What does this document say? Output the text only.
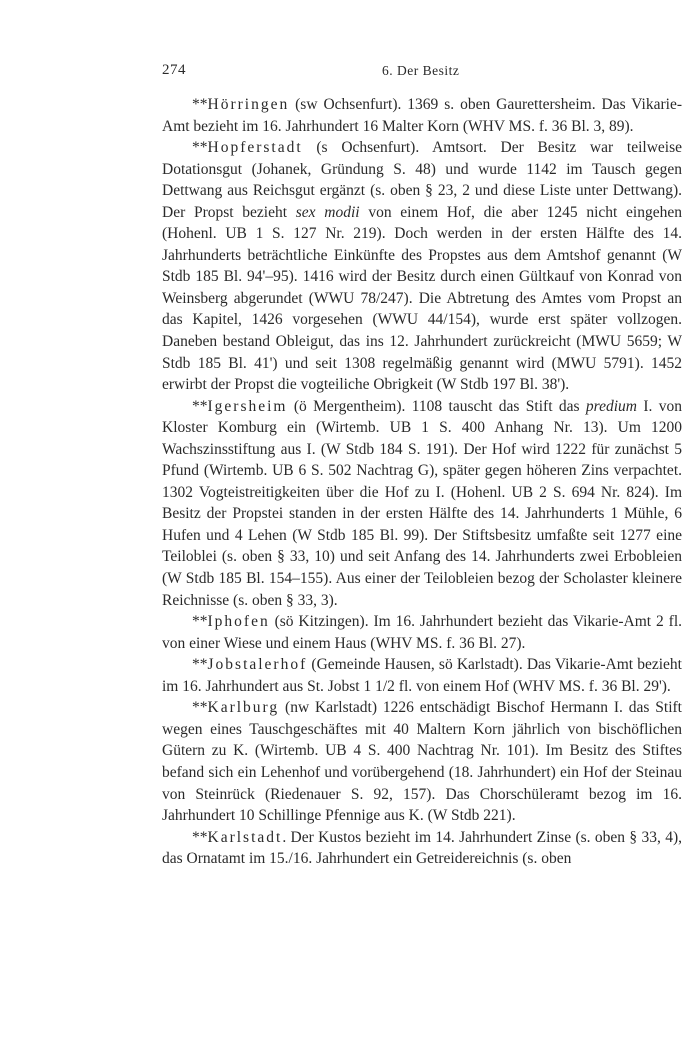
274	6. Der Besitz

**Hörringen (sw Ochsenfurt). 1369 s. oben Gaurettersheim. Das Vikarie-Amt bezieht im 16. Jahrhundert 16 Malter Korn (WHV MS. f. 36 Bl. 3, 89).

**Hopferstadt (s Ochsenfurt). Amtsort. Der Besitz war teilweise Dotationsgut (Johanek, Gründung S. 48) und wurde 1142 im Tausch gegen Dettwang aus Reichsgut ergänzt (s. oben § 23, 2 und diese Liste unter Dettwang). Der Propst bezieht sex modii von einem Hof, die aber 1245 nicht eingehen (Hohenl. UB 1 S. 127 Nr. 219). Doch werden in der ersten Hälfte des 14. Jahrhunderts beträchtliche Einkünfte des Propstes aus dem Amtshof genannt (W Stdb 185 Bl. 94'–95). 1416 wird der Besitz durch einen Gültkauf von Konrad von Weinsberg abgerundet (WWU 78/247). Die Abtretung des Amtes vom Propst an das Kapitel, 1426 vorgesehen (WWU 44/154), wurde erst später vollzogen. Daneben bestand Obleigut, das ins 12. Jahrhundert zurückreicht (MWU 5659; W Stdb 185 Bl. 41') und seit 1308 regelmäßig genannt wird (MWU 5791). 1452 erwirbt der Propst die vogteiliche Obrigkeit (W Stdb 197 Bl. 38').

**Igersheim (ö Mergentheim). 1108 tauscht das Stift das predium I. von Kloster Komburg ein (Wirtemb. UB 1 S. 400 Anhang Nr. 13). Um 1200 Wachszinsstiftung aus I. (W Stdb 184 S. 191). Der Hof wird 1222 für zunächst 5 Pfund (Wirtemb. UB 6 S. 502 Nachtrag G), später gegen höheren Zins verpachtet. 1302 Vogteistreitigkeiten über die Hof zu I. (Hohenl. UB 2 S. 694 Nr. 824). Im Besitz der Propstei standen in der ersten Hälfte des 14. Jahrhunderts 1 Mühle, 6 Hufen und 4 Lehen (W Stdb 185 Bl. 99). Der Stiftsbesitz umfaßte seit 1277 eine Teiloblei (s. oben § 33, 10) und seit Anfang des 14. Jahrhunderts zwei Erbobleien (W Stdb 185 Bl. 154–155). Aus einer der Teilobleien bezog der Scholaster kleinere Reichnisse (s. oben § 33, 3).

**Iphofen (sö Kitzingen). Im 16. Jahrhundert bezieht das Vikarie-Amt 2 fl. von einer Wiese und einem Haus (WHV MS. f. 36 Bl. 27).

**Jobstalerhof (Gemeinde Hausen, sö Karlstadt). Das Vikarie-Amt bezieht im 16. Jahrhundert aus St. Jobst 1 1/2 fl. von einem Hof (WHV MS. f. 36 Bl. 29').

**Karlburg (nw Karlstadt) 1226 entschädigt Bischof Hermann I. das Stift wegen eines Tauschgeschäftes mit 40 Maltern Korn jährlich von bischöflichen Gütern zu K. (Wirtemb. UB 4 S. 400 Nachtrag Nr. 101). Im Besitz des Stiftes befand sich ein Lehenhof und vorübergehend (18. Jahrhundert) ein Hof der Steinau von Steinrück (Riedenauer S. 92, 157). Das Chorschüleramt bezog im 16. Jahrhundert 10 Schillinge Pfennige aus K. (W Stdb 221).

**Karlstadt. Der Kustos bezieht im 14. Jahrhundert Zinse (s. oben § 33, 4), das Ornatamt im 15./16. Jahrhundert ein Getreidereichnis (s. oben
